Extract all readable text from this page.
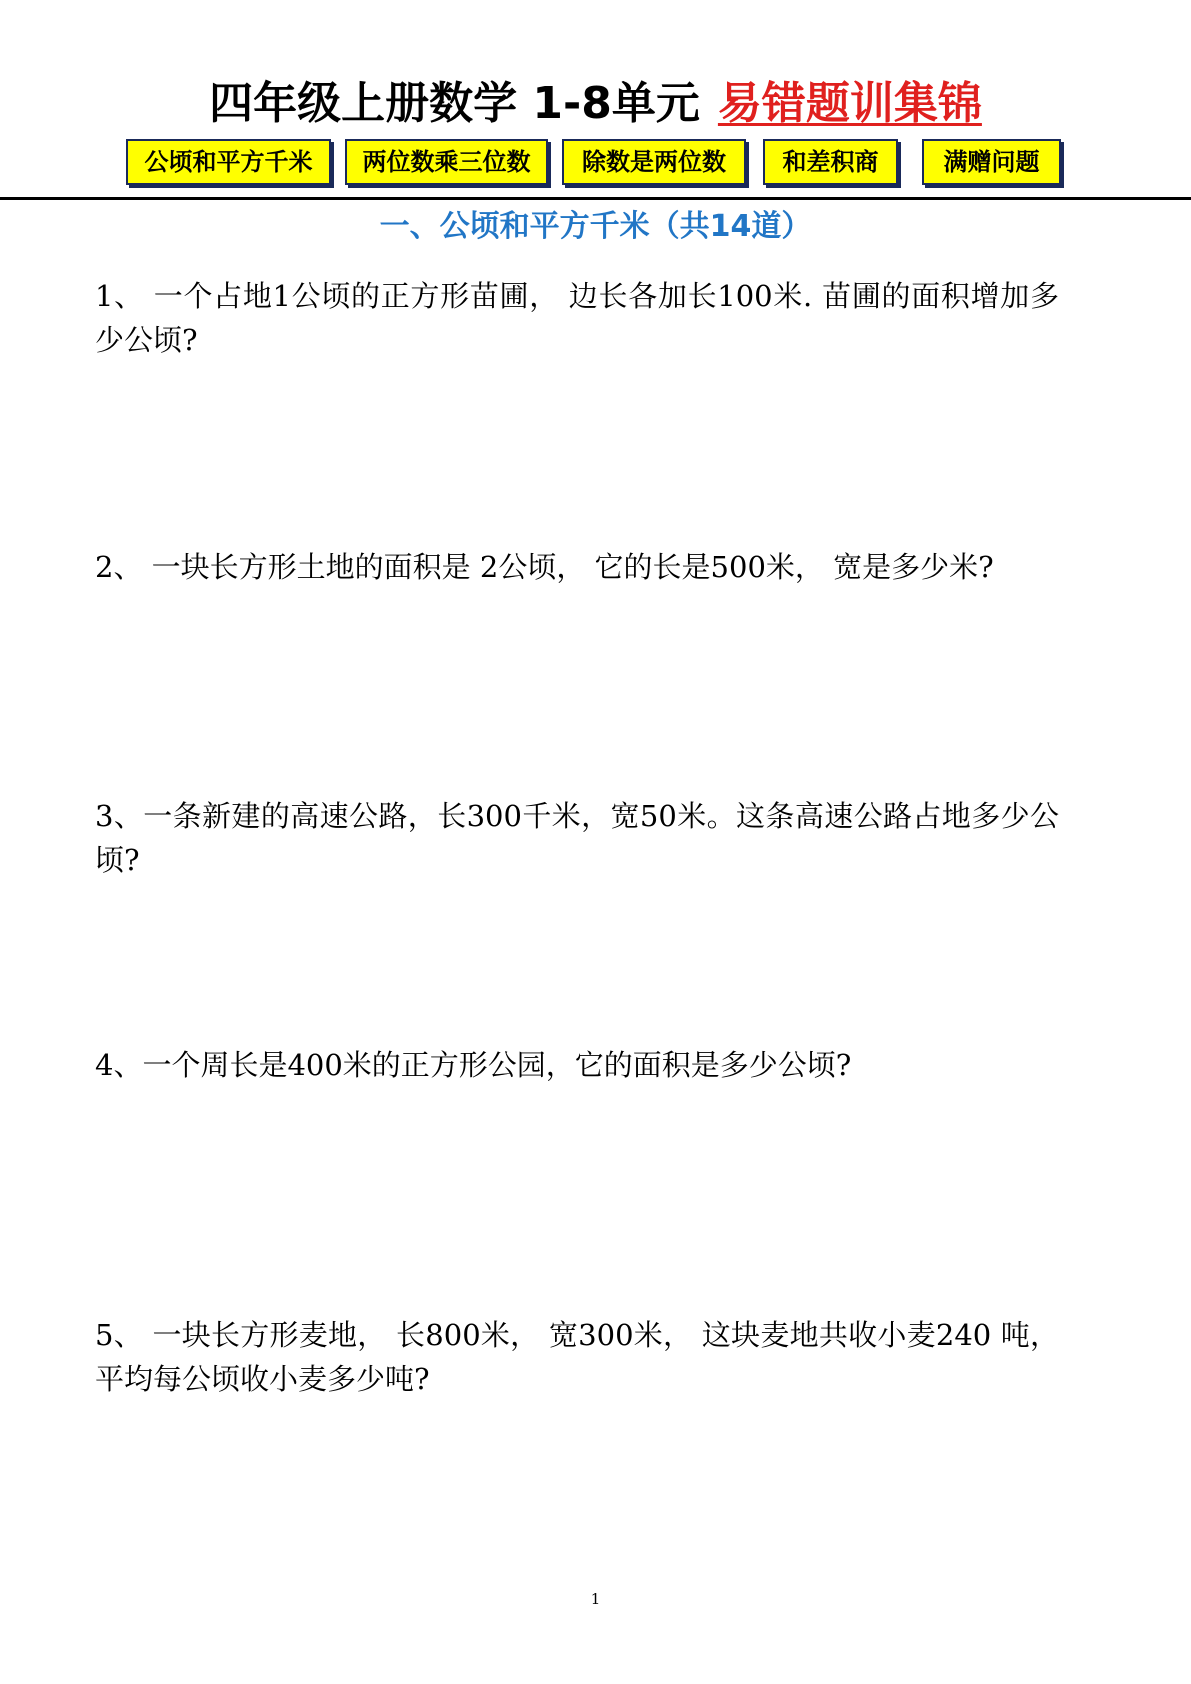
四年级上册数学 1-8单元 易错题训集锦
公顷和平方千米	两位数乘三位数	除数是两位数	和差积商	满赠问题
一、公顷和平方千米（共14道）
1、 一个占地1公顷的正方形苗圃， 边长各加长100米. 苗圃的面积增加多少公顷?
2、 一块长方形土地的面积是 2公顷， 它的长是500米， 宽是多少米?
3、一条新建的高速公路，长300千米，宽50米。这条高速公路占地多少公顷?
4、一个周长是400米的正方形公园，它的面积是多少公顷?
5、 一块长方形麦地， 长800米， 宽300米， 这块麦地共收小麦240 吨， 平均每公顷收小麦多少吨?
1
